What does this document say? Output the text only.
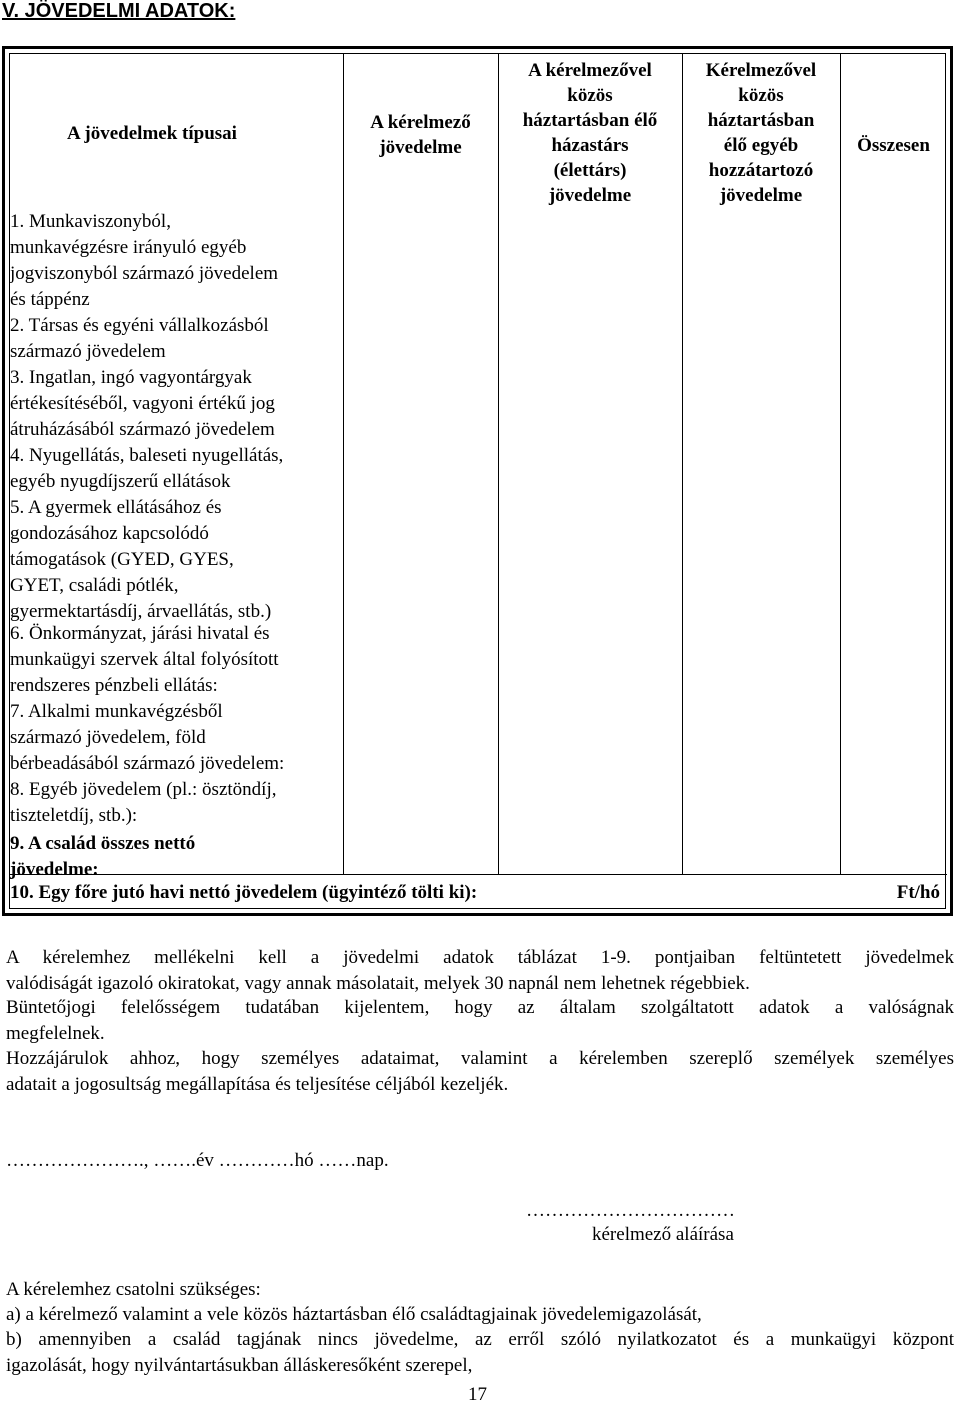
V. JÖVEDELMI ADATOK:
A kérelmező
jövedelme
A kérelmezővel
közös
háztartásban élő
házastárs
(élettárs)
jövedelme
Kérelmezővel
közös
háztartásban
élő egyéb
hozzátartozó
jövedelme
Összesen
A jövedelmek típusai
1. Munkaviszonyból,
munkavégzésre irányuló egyéb
jogviszonyból származó jövedelem
és táppénz
2. Társas és egyéni vállalkozásból
származó jövedelem
3. Ingatlan, ingó vagyontárgyak
értékesítéséből, vagyoni értékű jog
átruházásából származó jövedelem
4. Nyugellátás, baleseti nyugellátás,
egyéb nyugdíjszerű ellátások
5. A gyermek ellátásához és
gondozásához kapcsolódó
támogatások (GYED, GYES,
GYET, családi pótlék,
gyermektartásdíj, árvaellátás, stb.)
6. Önkormányzat, járási hivatal és
munkaügyi szervek által folyósított
rendszeres pénzbeli ellátás:
7. Alkalmi munkavégzésből
származó jövedelem, föld
bérbeadásából származó jövedelem:
8. Egyéb jövedelem (pl.: ösztöndíj,
tiszteletdíj, stb.):
9. A család összes nettó
jövedelme:
10. Egy főre jutó havi nettó jövedelem (ügyintéző tölti ki):	Ft/hó
A kérelemhez mellékelni kell a jövedelmi adatok táblázat 1-9. pontjaiban feltüntetett jövedelmek
valódiságát igazoló okiratokat, vagy annak másolatait, melyek 30 napnál nem lehetnek régebbiek.
Büntetőjogi felelősségem tudatában kijelentem, hogy az általam szolgáltatott adatok a valóságnak
megfelelnek.
Hozzájárulok ahhoz, hogy személyes adataimat, valamint a kérelemben szereplő személyek személyes
adatait a jogosultság megállapítása és teljesítése céljából kezeljék.
…………………., …….év …………hó ……nap.
……………………………
kérelmező aláírása
A kérelemhez csatolni szükséges:
a) a kérelmező valamint a vele közös háztartásban élő családtagjainak jövedelemigazolását,
b) amennyiben a család tagjának nincs jövedelme, az erről szóló nyilatkozatot és a munkaügyi központ
igazolását, hogy nyilvántartásukban álláskeresőként szerepel,
17
